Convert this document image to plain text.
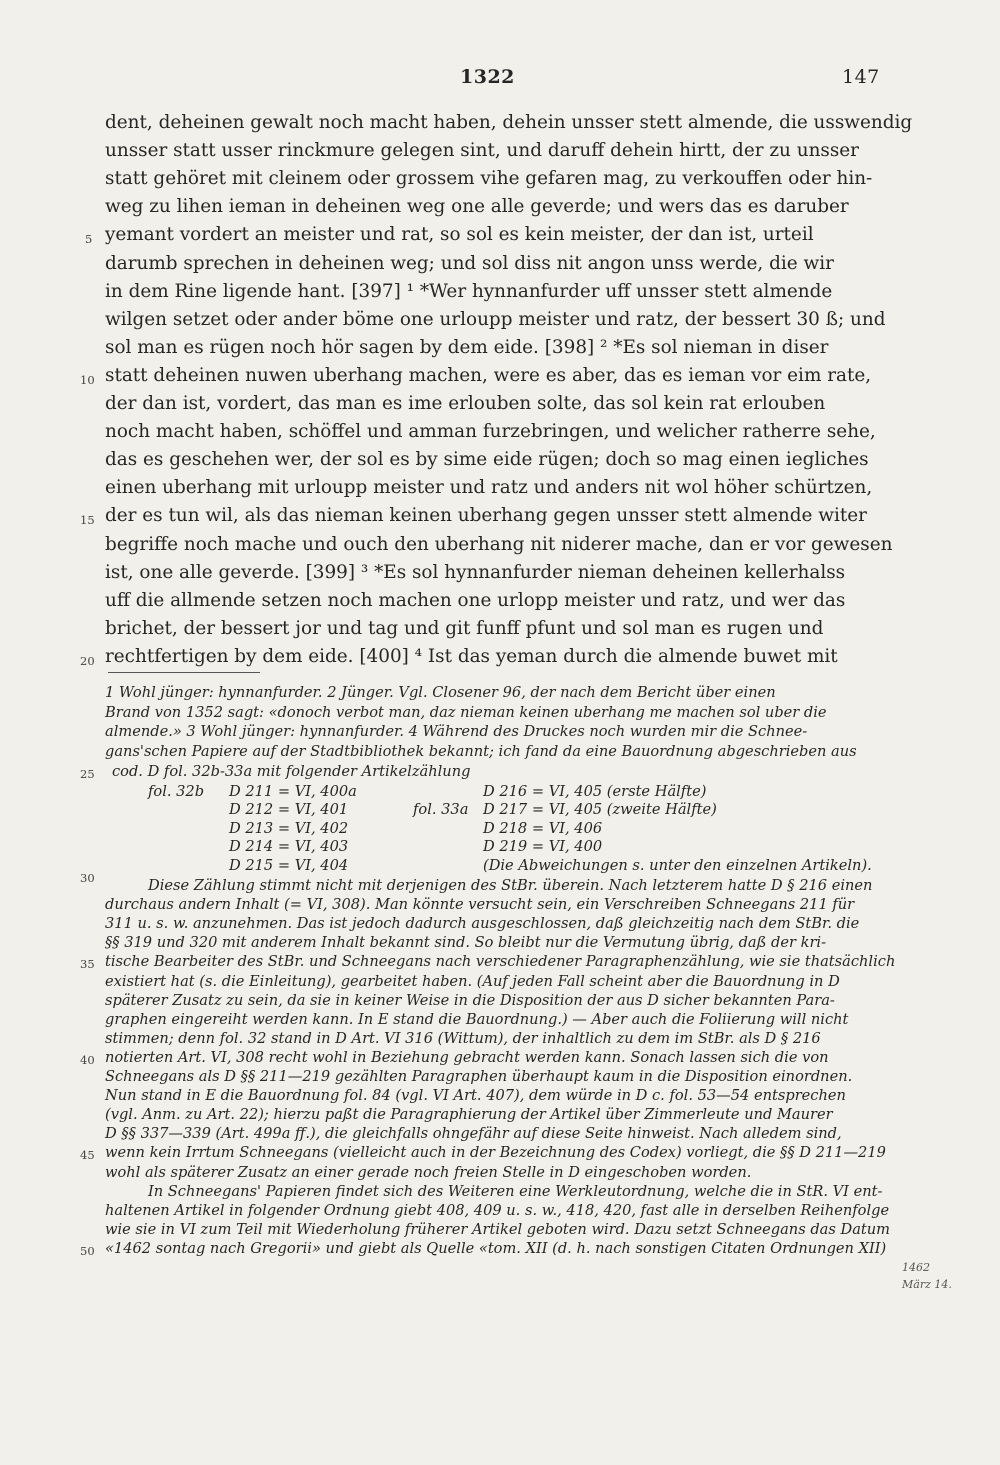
1322	147
dent, deheinen gewalt noch macht haben, dehein unsser stett almende, die usswendig
unsser statt usser rinckmure gelegen sint, und daruff dehein hirtt, der zu unsser
statt gehöret mit cleinem oder grossem vihe gefaren mag, zu verkouffen oder hin-
weg zu lihen ieman in deheinen weg one alle geverde; und wers das es daruber
yemant vordert an meister und rat, so sol es kein meister, der dan ist, urteil
darumb sprechen in deheinen weg; und sol diss nit angon unss werde, die wir
in dem Rine ligende hant. [397] ¹ *Wer hynnanfurder uff unsser stett almende
wilgen setzet oder ander böme one urloupp meister und ratz, der bessert 30 ß; und
sol man es rügen noch hör sagen by dem eide. [398] ² *Es sol nieman in diser
statt deheinen nuwen uberhang machen, were es aber, das es ieman vor eim rate,
der dan ist, vordert, das man es ime erlouben solte, das sol kein rat erlouben
noch macht haben, schöffel und amman furzebringen, und welicher ratherre sehe,
das es geschehen wer, der sol es by sime eide rügen; doch so mag einen iegliches
einen uberhang mit urloupp meister und ratz und anders nit wol höher schürtzen,
der es tun wil, als das nieman keinen uberhang gegen unsser stett almende witer
begriffe noch mache und ouch den uberhang nit niderer mache, dan er vor gewesen
ist, one alle geverde. [399] ³ *Es sol hynnanfurder nieman deheinen kellerhalss
uff die allmende setzen noch machen one urlopp meister und ratz, und wer das
brichet, der bessert jor und tag und git funff pfunt und sol man es rugen und
rechtfertigen by dem eide. [400] ⁴ Ist das yeman durch die almende buwet mit
5
10
15
20
1 Wohl jünger: hynnanfurder. 2 Jünger. Vgl. Closener 96, der nach dem Bericht über einen
Brand von 1352 sagt: «donoch verbot man, daz nieman keinen uberhang me machen sol uber die
almende.» 3 Wohl jünger: hynnanfurder. 4 Während des Druckes noch wurden mir die Schnee-
gans'schen Papiere auf der Stadtbibliothek bekannt; ich fand da eine Bauordnung abgeschrieben aus
cod. D fol. 32b-33a mit folgender Artikelzählung
fol. 32b D 211 = VI, 400a
D 212 = VI, 401
D 213 = VI, 402
D 214 = VI, 403
D 215 = VI, 404
D 216 = VI, 405 (erste Hälfte)
fol. 33a D 217 = VI, 405 (zweite Hälfte)
D 218 = VI, 406
D 219 = VI, 400
(Die Abweichungen s. unter den einzelnen Artikeln).
Diese Zählung stimmt nicht mit derjenigen des StBr. überein. Nach letzterem hatte D § 216 einen
durchaus andern Inhalt (= VI, 308). Man könnte versucht sein, ein Verschreiben Schneegans 211 für
311 u. s. w. anzunehmen. Das ist jedoch dadurch ausgeschlossen, daß gleichzeitig nach dem StBr. die
§§ 319 und 320 mit anderem Inhalt bekannt sind. So bleibt nur die Vermutung übrig, daß der kri-
tische Bearbeiter des StBr. und Schneegans nach verschiedener Paragraphenzählung, wie sie thatsächlich
existiert hat (s. die Einleitung), gearbeitet haben. (Auf jeden Fall scheint aber die Bauordnung in D
späterer Zusatz zu sein, da sie in keiner Weise in die Disposition der aus D sicher bekannten Para-
graphen eingereiht werden kann. In E stand die Bauordnung.) — Aber auch die Foliierung will nicht
stimmen; denn fol. 32 stand in D Art. VI 316 (Wittum), der inhaltlich zu dem im StBr. als D § 216
notierten Art. VI, 308 recht wohl in Beziehung gebracht werden kann. Sonach lassen sich die von
Schneegans als D §§ 211—219 gezählten Paragraphen überhaupt kaum in die Disposition einordnen.
Nun stand in E die Bauordnung fol. 84 (vgl. VI Art. 407), dem würde in D c. fol. 53—54 entsprechen
(vgl. Anm. zu Art. 22); hierzu paßt die Paragraphierung der Artikel über Zimmerleute und Maurer
D §§ 337—339 (Art. 499a ff.), die gleichfalls ohngefähr auf diese Seite hinweist. Nach alledem sind,
wenn kein Irrtum Schneegans (vielleicht auch in der Bezeichnung des Codex) vorliegt, die §§ D 211—219
wohl als späterer Zusatz an einer gerade noch freien Stelle in D eingeschoben worden.
In Schneegans' Papieren findet sich des Weiteren eine Werkleutordnung, welche die in StR. VI ent-
haltenen Artikel in folgender Ordnung giebt 408, 409 u. s. w., 418, 420, fast alle in derselben Reihenfolge
wie sie in VI zum Teil mit Wiederholung früherer Artikel geboten wird. Dazu setzt Schneegans das Datum
«1462 sontag nach Gregorii» und giebt als Quelle «tom. XII (d. h. nach sonstigen Citaten Ordnungen XII)
25
30
35
40
45
50
1462
März 14.
